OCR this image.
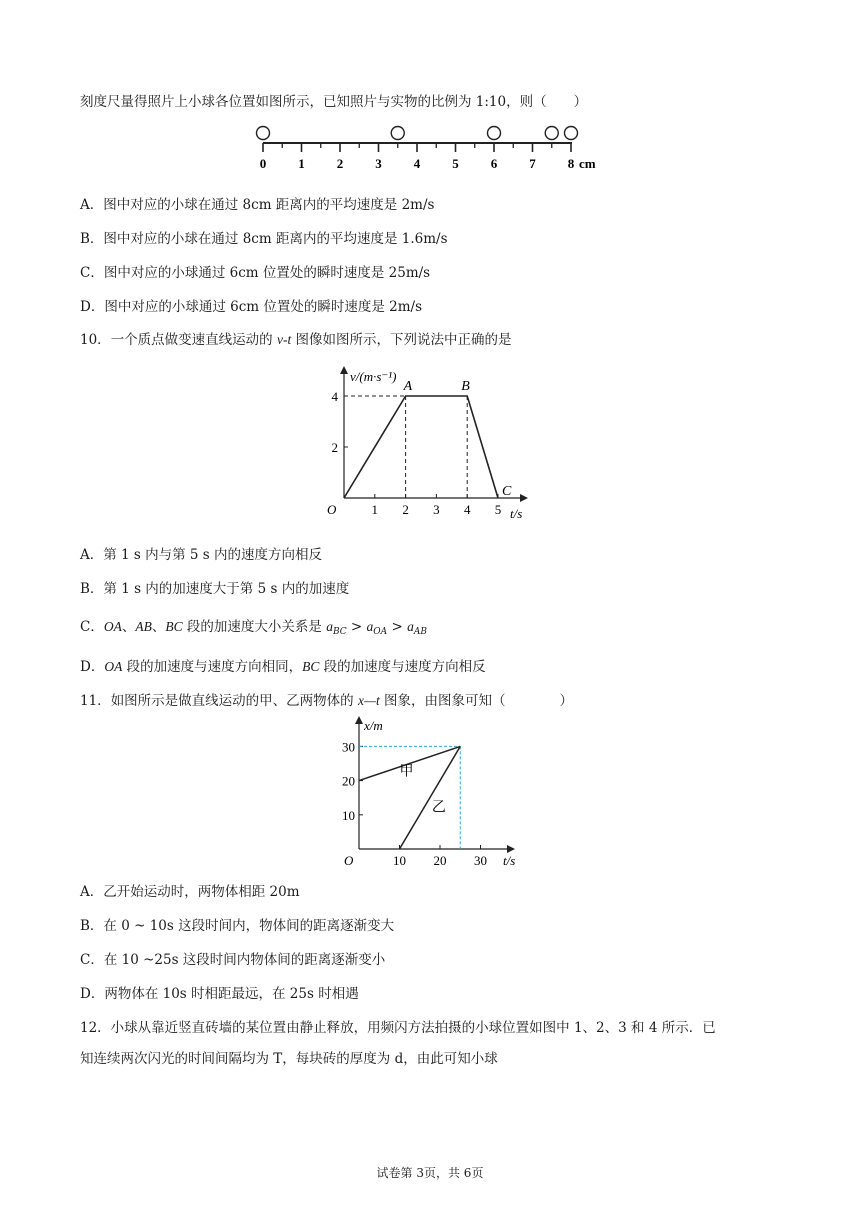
刻度尺量得照片上小球各位置如图所示，已知照片与实物的比例为 1:10，则（　　）
0 1 2 3 4 5 6 7 8 cm
A．图中对应的小球在通过 8cm 距离内的平均速度是 2m/s
B．图中对应的小球在通过 8cm 距离内的平均速度是 1.6m/s
C．图中对应的小球通过 6cm 位置处的瞬时速度是 25m/s
D．图中对应的小球通过 6cm 位置处的瞬时速度是 2m/s
10．一个质点做变速直线运动的 v-t 图像如图所示，下列说法中正确的是
v/(m·s⁻¹)
t/s
O	1 2 3 4 5
2
4
A	B
C
A．第 1 s 内与第 5 s 内的速度方向相反
B．第 1 s 内的加速度大于第 5 s 内的加速度
C．OA、AB、BC 段的加速度大小关系是 $a_{BC} > a_{OA} > a_{AB}$
D．OA 段的加速度与速度方向相同，BC 段的加速度与速度方向相反
11．如图所示是做直线运动的甲、乙两物体的 x—t 图象，由图象可知（　　　　）
x/m
t/s
O	10 20 30
10
20
30
甲
乙
A．乙开始运动时，两物体相距 20m
B．在 0 ~ 10s 这段时间内，物体间的距离逐渐变大
C．在 10 ~25s 这段时间内物体间的距离逐渐变小
D．两物体在 10s 时相距最远，在 25s 时相遇
12．小球从靠近竖直砖墙的某位置由静止释放，用频闪方法拍摄的小球位置如图中 1、2、3 和 4 所示．已
知连续两次闪光的时间间隔均为 T，每块砖的厚度为 d，由此可知小球
试卷第 3页，共 6页
